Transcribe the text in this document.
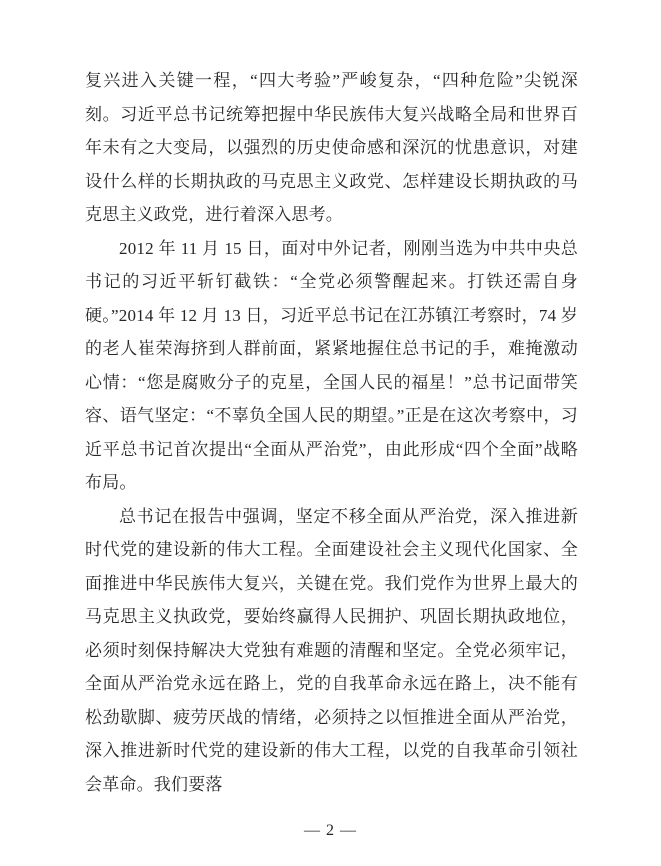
复兴进入关键一程，“四大考验”严峻复杂，“四种危险”尖锐深刻。习近平总书记统筹把握中华民族伟大复兴战略全局和世界百年未有之大变局，以强烈的历史使命感和深沉的忧患意识，对建设什么样的长期执政的马克思主义政党、怎样建设长期执政的马克思主义政党，进行着深入思考。

2012 年 11 月 15 日，面对中外记者，刚刚当选为中共中央总书记的习近平斩钉截铁：“全党必须警醒起来。打铁还需自身硬。”2014 年 12 月 13 日，习近平总书记在江苏镇江考察时，74 岁的老人崔荣海挤到人群前面，紧紧地握住总书记的手，难掩激动心情：“您是腐败分子的克星，全国人民的福星！”总书记面带笑容、语气坚定：“不辜负全国人民的期望。”正是在这次考察中，习近平总书记首次提出“全面从严治党”，由此形成“四个全面”战略布局。

总书记在报告中强调，坚定不移全面从严治党，深入推进新时代党的建设新的伟大工程。全面建设社会主义现代化国家、全面推进中华民族伟大复兴，关键在党。我们党作为世界上最大的马克思主义执政党，要始终赢得人民拥护、巩固长期执政地位，必须时刻保持解决大党独有难题的清醒和坚定。全党必须牢记，全面从严治党永远在路上，党的自我革命永远在路上，决不能有松劲歇脚、疲劳厌战的情绪，必须持之以恒推进全面从严治党，深入推进新时代党的建设新的伟大工程，以党的自我革命引领社会革命。我们要落

— 2 —
